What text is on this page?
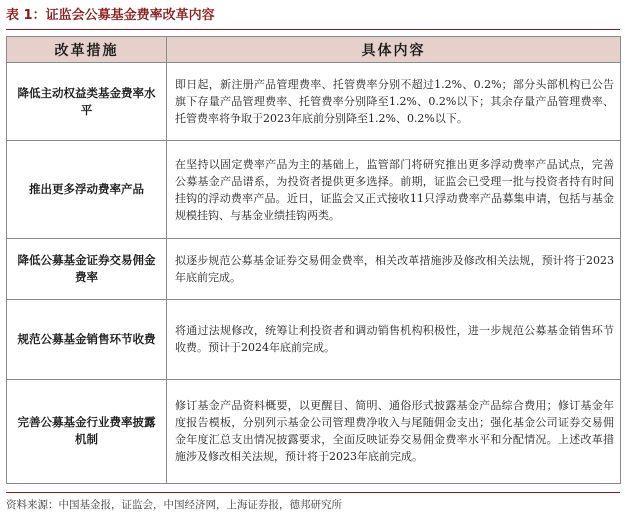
表 1：证监会公募基金费率改革内容
改革措施	具体内容
降低主动权益类基金费率水平	即日起，新注册产品管理费率、托管费率分别不超过1.2%、0.2%；部分头部机构已公告旗下存量产品管理费率、托管费率分别降至1.2%、0.2%以下；其余存量产品管理费率、托管费率将争取于2023年底前分别降至1.2%、0.2%以下。
推出更多浮动费率产品	在坚持以固定费率产品为主的基础上，监管部门将研究推出更多浮动费率产品试点，完善公募基金产品谱系，为投资者提供更多选择。前期，证监会已受理一批与投资者持有时间挂钩的浮动费率产品。近日，证监会又正式接收11只浮动费率产品募集申请，包括与基金规模挂钩、与基金业绩挂钩两类。
降低公募基金证券交易佣金费率	拟逐步规范公募基金证券交易佣金费率，相关改革措施涉及修改相关法规，预计将于2023年底前完成。
规范公募基金销售环节收费	将通过法规修改，统筹让利投资者和调动销售机构积极性，进一步规范公募基金销售环节收费。预计于2024年底前完成。
完善公募基金行业费率披露机制	修订基金产品资料概要，以更醒目、简明、通俗形式披露基金产品综合费用；修订基金年度报告模板，分别列示基金公司管理费净收入与尾随佣金支出；强化基金公司证券交易佣金年度汇总支出情况披露要求，全面反映证券交易佣金费率水平和分配情况。上述改革措施涉及修改相关法规，预计将于2023年底前完成。
资料来源：中国基金报，证监会，中国经济网，上海证券报，德邦研究所
